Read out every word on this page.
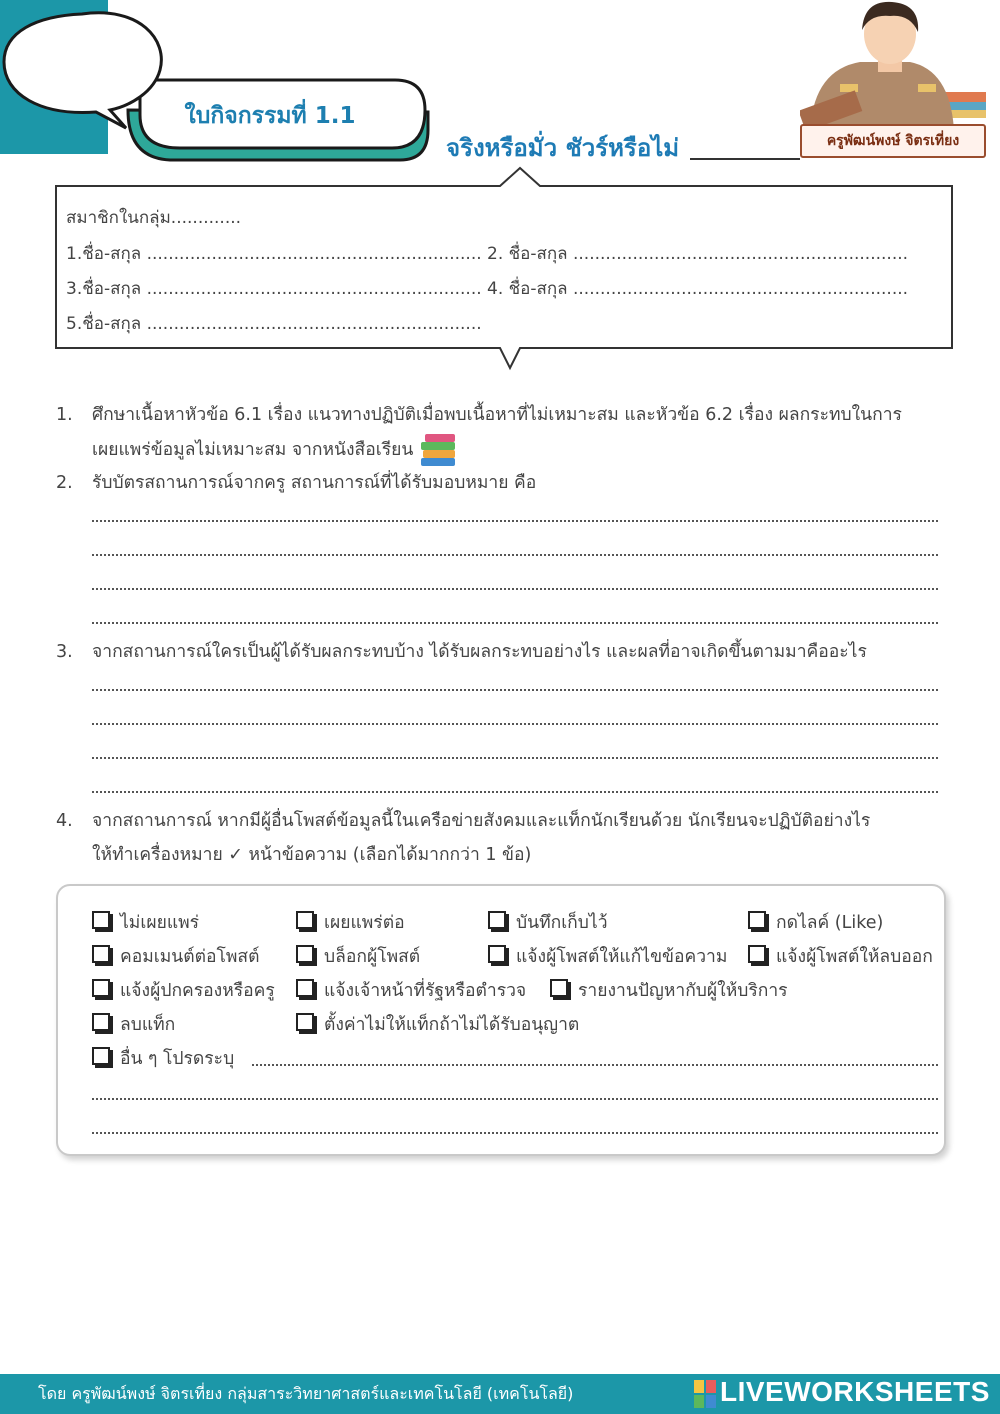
ใบกิจกรรมที่ 1.1
จริงหรือมั่ว ชัวร์หรือไม่	ครูพัฒน์พงษ์ จิตรเที่ยง
สมาชิกในกลุ่ม.............
1.ชื่อ-สกุล .............................................................. 2. ชื่อ-สกุล ..............................................................
3.ชื่อ-สกุล .............................................................. 4. ชื่อ-สกุล ..............................................................
5.ชื่อ-สกุล ..............................................................
1. ศึกษาเนื้อหาหัวข้อ 6.1 เรื่อง แนวทางปฏิบัติเมื่อพบเนื้อหาที่ไม่เหมาะสม และหัวข้อ 6.2 เรื่อง ผลกระทบในการ
เผยแพร่ข้อมูลไม่เหมาะสม จากหนังสือเรียน
2. รับบัตรสถานการณ์จากครู สถานการณ์ที่ได้รับมอบหมาย คือ
3. จากสถานการณ์ใครเป็นผู้ได้รับผลกระทบบ้าง ได้รับผลกระทบอย่างไร และผลที่อาจเกิดขึ้นตามมาคืออะไร
4. จากสถานการณ์ หากมีผู้อื่นโพสต์ข้อมูลนี้ในเครือข่ายสังคมและแท็กนักเรียนด้วย นักเรียนจะปฏิบัติอย่างไร
ให้ทำเครื่องหมาย ✓ หน้าข้อความ (เลือกได้มากกว่า 1 ข้อ)
ไม่เผยแพร่	เผยแพร่ต่อ	บันทึกเก็บไว้	กดไลค์ (Like)
คอมเมนต์ต่อโพสต์	บล็อกผู้โพสต์	แจ้งผู้โพสต์ให้แก้ไขข้อความ	แจ้งผู้โพสต์ให้ลบออก
แจ้งผู้ปกครองหรือครู	แจ้งเจ้าหน้าที่รัฐหรือตำรวจ	รายงานปัญหากับผู้ให้บริการ
ลบแท็ก	ตั้งค่าไม่ให้แท็กถ้าไม่ได้รับอนุญาต
อื่น ๆ โปรดระบุ
โดย ครูพัฒน์พงษ์ จิตรเที่ยง กลุ่มสาระวิทยาศาสตร์และเทคโนโลยี (เทคโนโลยี)	LIVEWORKSHEETS
